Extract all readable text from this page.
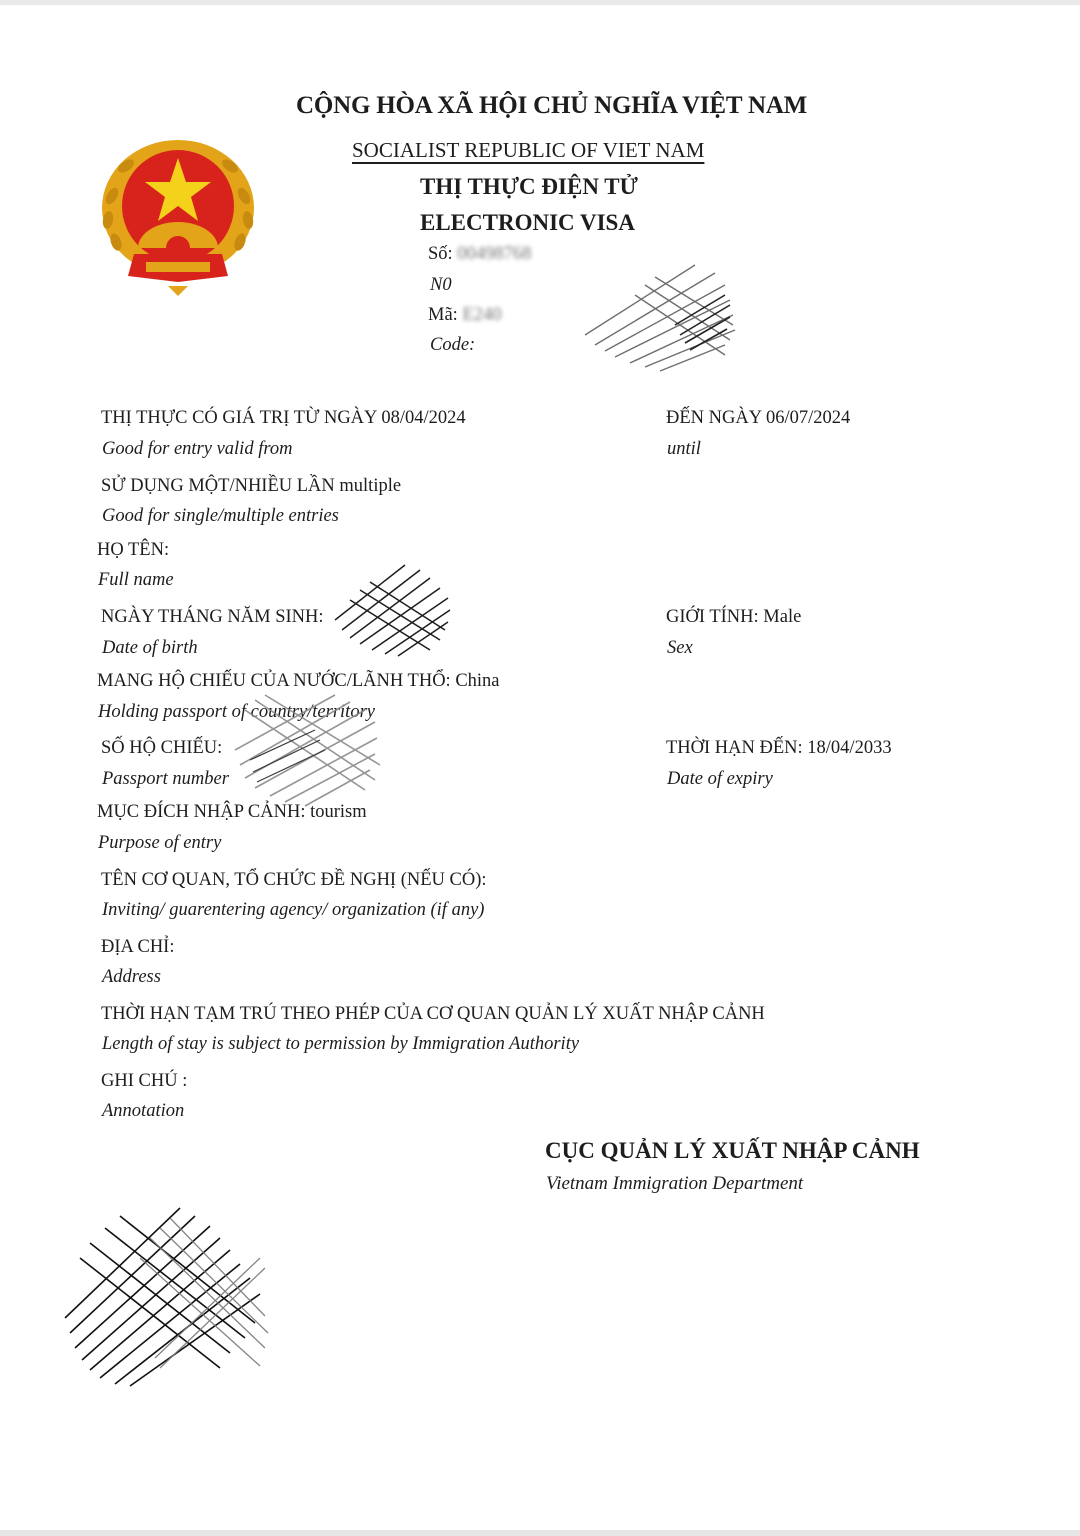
CỘNG HÒA XÃ HỘI CHỦ NGHĨA VIỆT NAM
SOCIALIST REPUBLIC OF VIET NAM
THỊ THỰC ĐIỆN TỬ
ELECTRONIC VISA
Số: 00498768
N0
Mã: E240
Code:
THỊ THỰC CÓ GIÁ TRỊ TỪ NGÀY 08/04/2024
Good for entry valid from
ĐẾN NGÀY 06/07/2024
until
SỬ DỤNG MỘT/NHIỀU LẦN multiple
Good for single/multiple entries
HỌ TÊN:
Full name
NGÀY THÁNG NĂM SINH:
Date of birth
GIỚI TÍNH: Male
Sex
MANG HỘ CHIẾU CỦA NƯỚC/LÃNH THỔ: China
Holding passport of country/territory
SỐ HỘ CHIẾU:
Passport number
THỜI HẠN ĐẾN: 18/04/2033
Date of expiry
MỤC ĐÍCH NHẬP CẢNH: tourism
Purpose of entry
TÊN CƠ QUAN, TỔ CHỨC ĐỀ NGHỊ (NẾU CÓ):
Inviting/ guarentering agency/ organization (if any)
ĐỊA CHỈ:
Address
THỜI HẠN TẠM TRÚ THEO PHÉP CỦA CƠ QUAN QUẢN LÝ XUẤT NHẬP CẢNH
Length of stay is subject to permission by Immigration Authority
GHI CHÚ :
Annotation
CỤC QUẢN LÝ XUẤT NHẬP CẢNH
Vietnam Immigration Department
